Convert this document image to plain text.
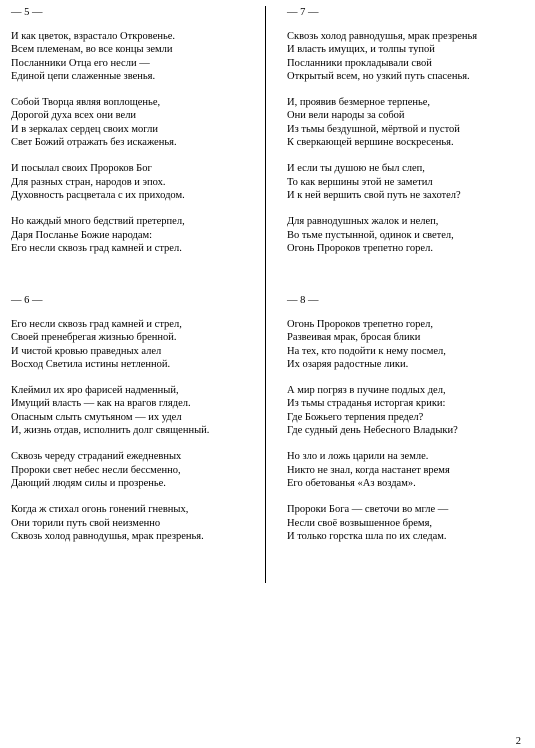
— 5 —
И как цветок, взрастало Откровенье.
Всем племенам, во все концы земли
Посланники Отца его несли —
Единой цепи слаженные звенья.
Собой Творца являя воплощенье,
Дорогой духа всех они вели
И в зеркалах сердец своих могли
Свет Божий отражать без искаженья.
И посылал своих Пророков Бог
Для разных стран, народов и эпох.
Духовность расцветала с их приходом.
Но каждый много бедствий претерпел,
Даря Посланье Божие народам:
Его несли сквозь град камней и стрел.
— 6 —
Его несли сквозь град камней и стрел,
Своей пренебрегая жизнью бренной.
И чистой кровью праведных алел
Восход Светила истины нетленной.
Клеймил их яро фарисей надменный,
Имущий власть — как на врагов глядел.
Опасным слыть смутьяном — их удел
И, жизнь отдав, исполнить долг священный.
Сквозь череду страданий ежедневных
Пророки свет небес несли бессменно,
Дающий людям силы и прозренье.
Когда ж стихал огонь гонений гневных,
Они торили путь свой неизменно
Сквозь холод равнодушья, мрак презренья.
— 7 —
Сквозь холод равнодушья, мрак презренья
И власть имущих, и толпы тупой
Посланники прокладывали свой
Открытый всем, но узкий путь спасенья.
И, проявив безмерное терпенье,
Они вели народы за собой
Из тьмы бездушной, мёртвой и пустой
К сверкающей вершине воскресенья.
И если ты душою не был слеп,
То как вершины этой не заметил
И к ней вершить свой путь не захотел?
Для равнодушных жалок и нелеп,
Во тьме пустынной, одинок и светел,
Огонь Пророков трепетно горел.
— 8 —
Огонь Пророков трепетно горел,
Развеивая мрак, бросая блики
На тех, кто подойти к нему посмел,
Их озаряя радостные лики.
А мир погряз в пучине подлых дел,
Из тьмы страданья исторгая крики:
Где Божьего терпения предел?
Где судный день Небесного Владыки?
Но зло и ложь царили на земле.
Никто не знал, когда настанет время
Его обетованья «Аз воздам».
Пророки Бога — светочи во мгле —
Несли своё возвышенное бремя,
И только горстка шла по их следам.
2
